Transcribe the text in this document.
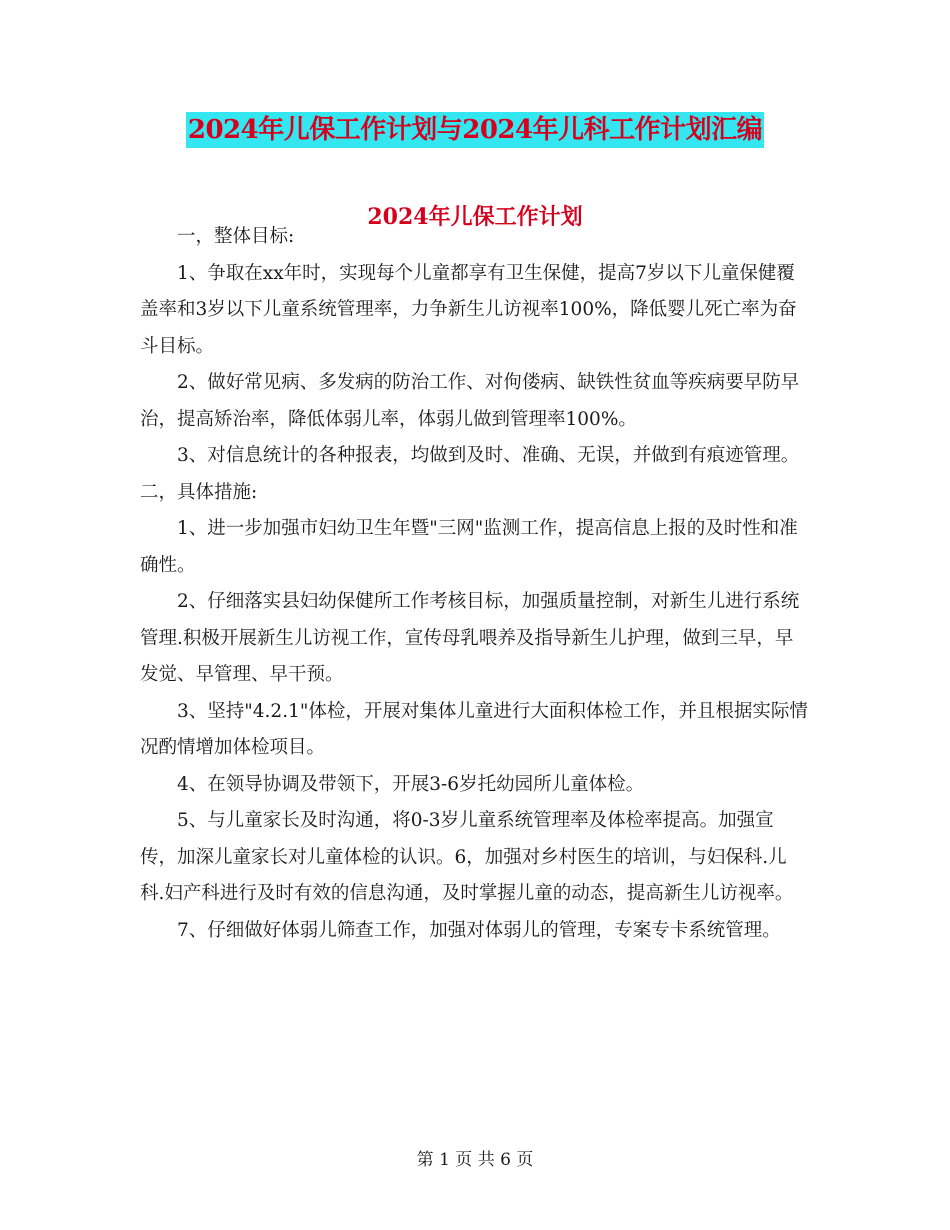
2024年儿保工作计划与2024年儿科工作计划汇编
2024年儿保工作计划

一，整体目标:

1、争取在xx年时，实现每个儿童都享有卫生保健，提高7岁以下儿童保健覆盖率和3岁以下儿童系统管理率，力争新生儿访视率100%，降低婴儿死亡率为奋斗目标。

2、做好常见病、多发病的防治工作、对佝偻病、缺铁性贫血等疾病要早防早治，提高矫治率，降低体弱儿率，体弱儿做到管理率100%。

3、对信息统计的各种报表，均做到及时、准确、无误，并做到有痕迹管理。二，具体措施:

1、进一步加强市妇幼卫生年暨"三网"监测工作，提高信息上报的及时性和准确性。

2、仔细落实县妇幼保健所工作考核目标，加强质量控制，对新生儿进行系统管理.积极开展新生儿访视工作，宣传母乳喂养及指导新生儿护理，做到三早，早发觉、早管理、早干预。

3、坚持"4.2.1"体检，开展对集体儿童进行大面积体检工作，并且根据实际情况酌情增加体检项目。

4、在领导协调及带领下，开展3-6岁托幼园所儿童体检。

5、与儿童家长及时沟通，将0-3岁儿童系统管理率及体检率提高。加强宣传，加深儿童家长对儿童体检的认识。6，加强对乡村医生的培训，与妇保科.儿科.妇产科进行及时有效的信息沟通，及时掌握儿童的动态，提高新生儿访视率。

7、仔细做好体弱儿筛查工作，加强对体弱儿的管理，专案专卡系统管理。

第 1 页 共 6 页
